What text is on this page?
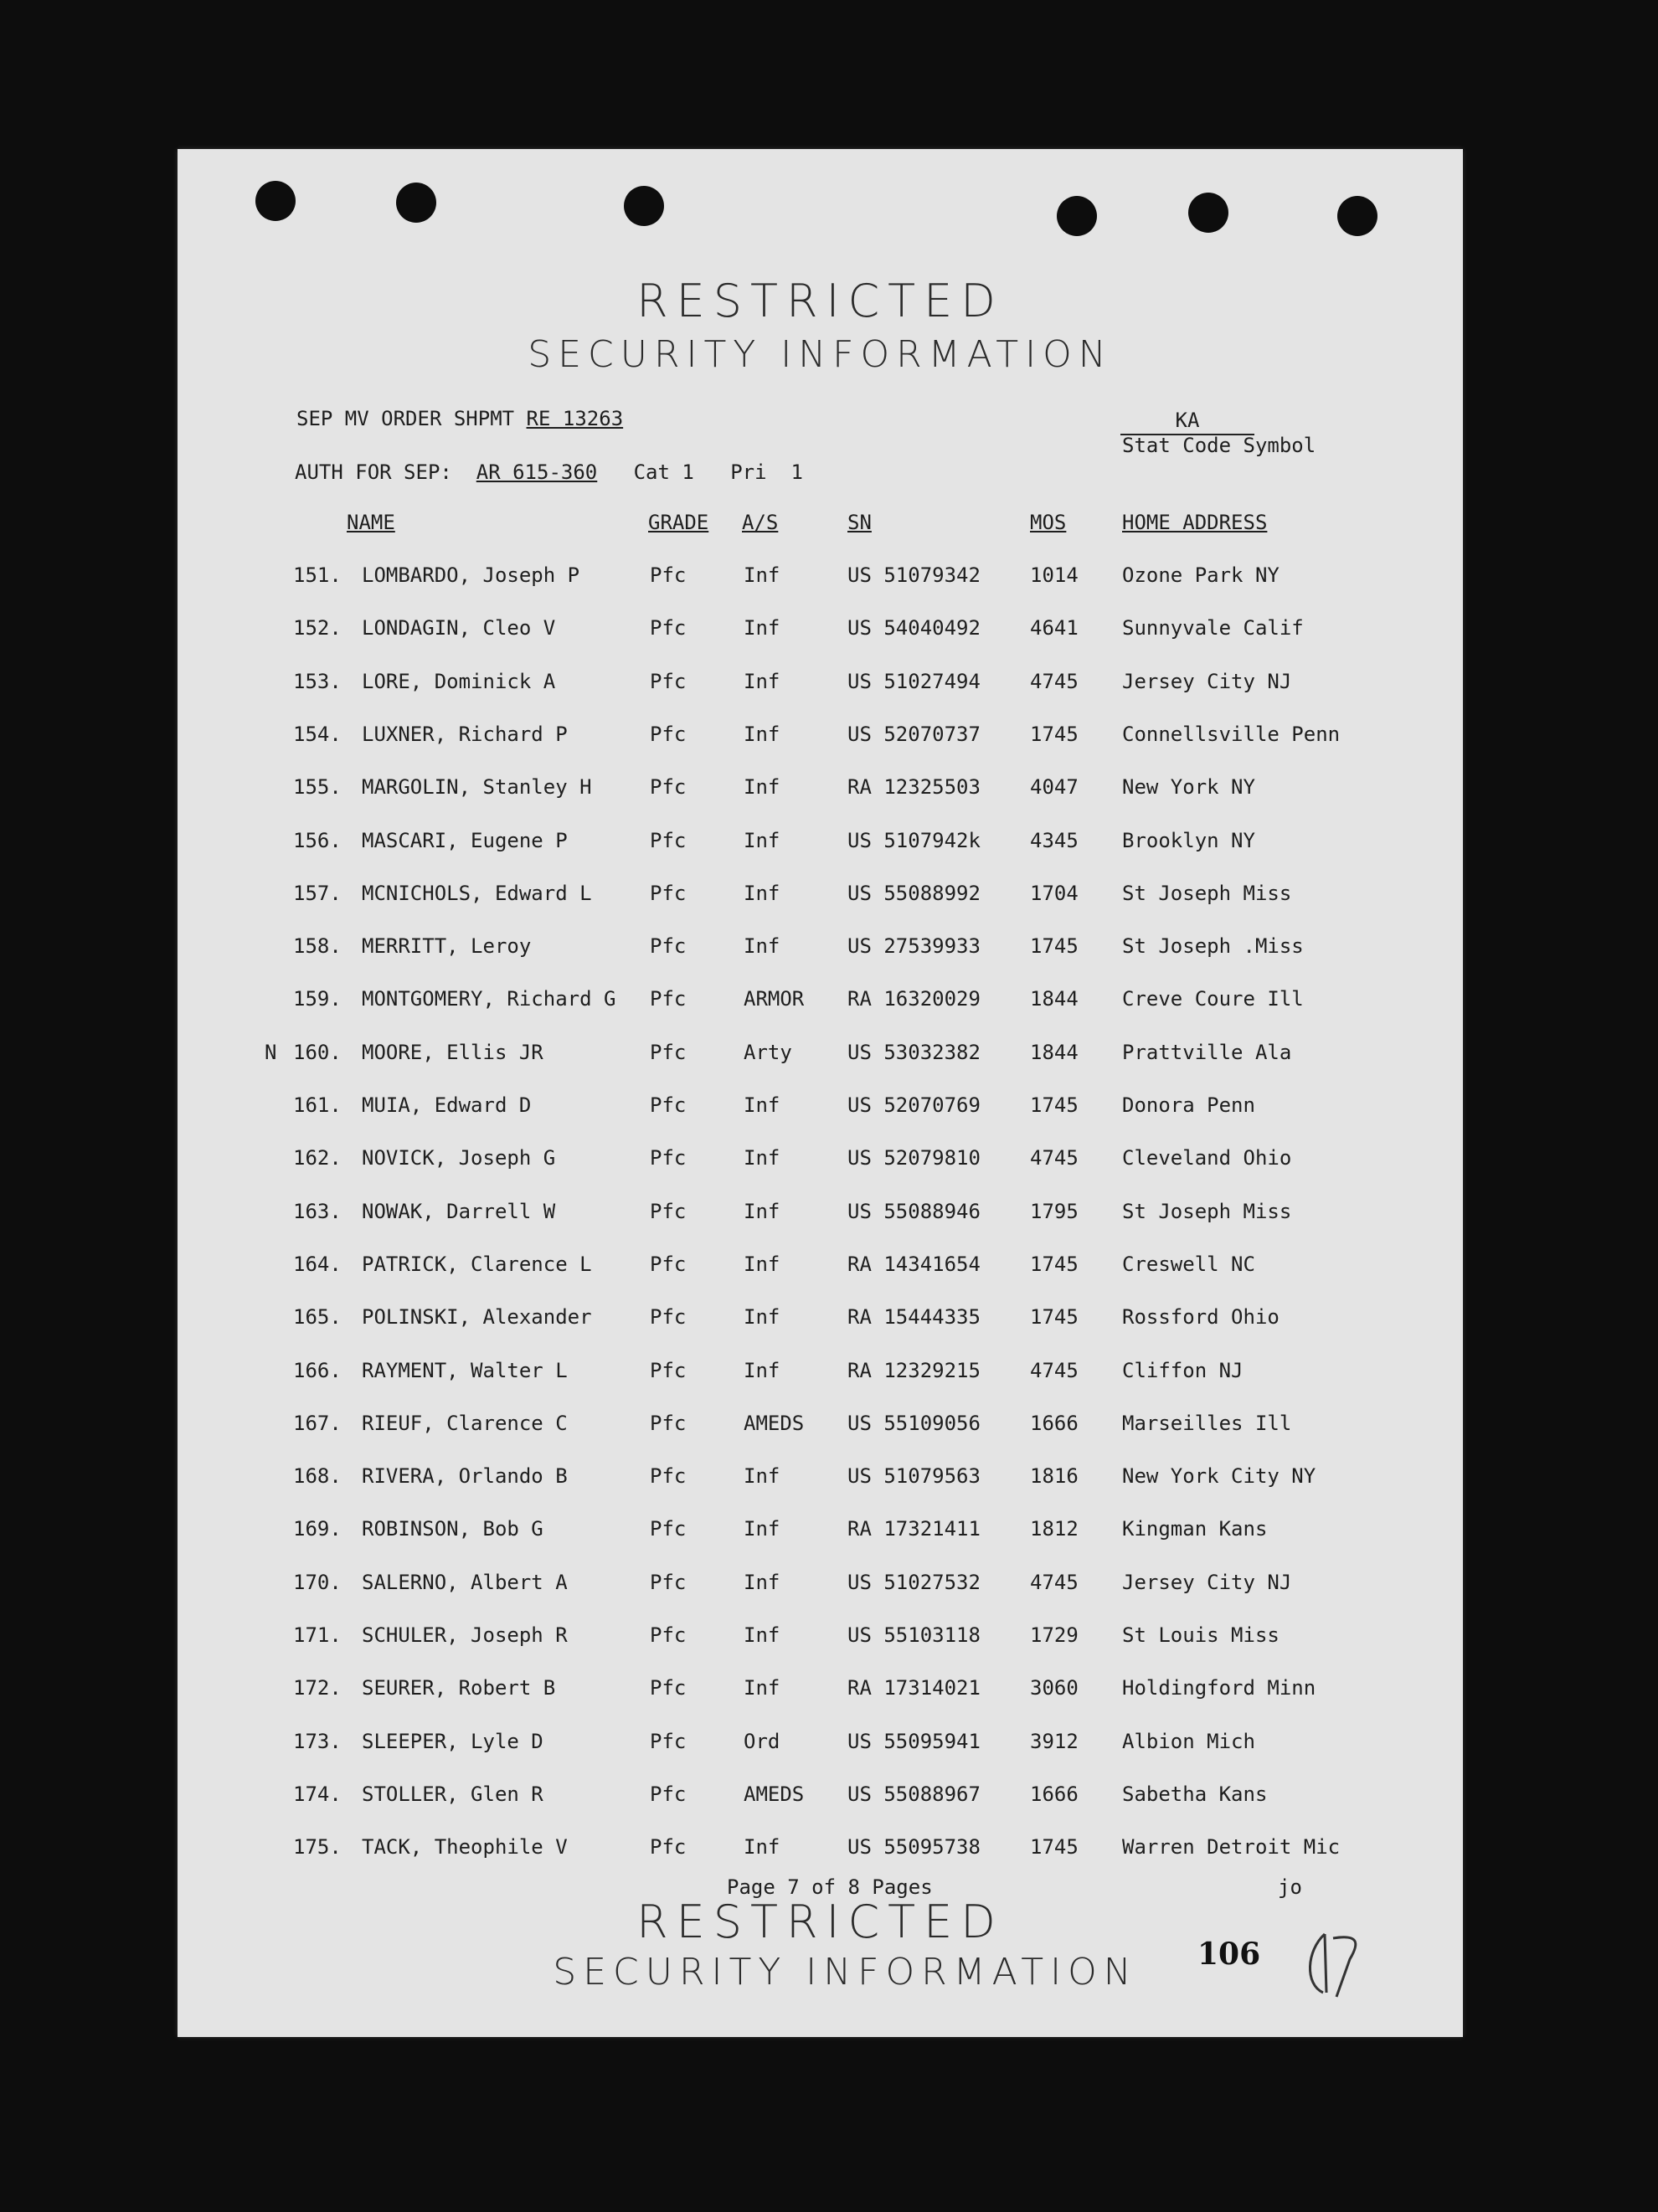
RESTRICTED
SECURITY INFORMATION
SEP MV ORDER SHPMT RE 13263
AUTH FOR SEP: AR 615-360 Cat 1   Pri  1
KA
Stat Code Symbol
NAME	GRADE A/S	SN	MOS	HOME ADDRESS
151. LOMBARDO, Joseph P	Pfc	Inf	US 51079342 1014 Ozone Park NY
152. LONDAGIN, Cleo V	Pfc	Inf	US 54040492 4641 Sunnyvale Calif
153. LORE, Dominick A	Pfc	Inf	US 51027494 4745 Jersey City NJ
154. LUXNER, Richard P	Pfc	Inf	US 52070737 1745 Connellsville Penn
155. MARGOLIN, Stanley H	Pfc	Inf	RA 12325503 4047 New York NY
156. MASCARI, Eugene P	Pfc	Inf	US 5107942k 4345 Brooklyn NY
157. MCNICHOLS, Edward L	Pfc	Inf	US 55088992 1704 St Joseph Miss
158. MERRITT, Leroy	Pfc	Inf	US 27539933 1745 St Joseph .Miss
159. MONTGOMERY, Richard G Pfc	ARMOR RA 16320029 1844 Creve Coure Ill
N 160. MOORE, Ellis JR	Pfc	Arty	US 53032382 1844 Prattville Ala
161. MUIA, Edward D	Pfc	Inf	US 52070769 1745 Donora Penn
162. NOVICK, Joseph G	Pfc	Inf	US 52079810 4745 Cleveland Ohio
163. NOWAK, Darrell W	Pfc	Inf	US 55088946 1795 St Joseph Miss
164. PATRICK, Clarence L	Pfc	Inf	RA 14341654 1745 Creswell NC
165. POLINSKI, Alexander	Pfc	Inf	RA 15444335 1745 Rossford Ohio
166. RAYMENT, Walter L	Pfc	Inf	RA 12329215 4745 Cliffon NJ
167. RIEUF, Clarence C	Pfc	AMEDS US 55109056 1666 Marseilles Ill
168. RIVERA, Orlando B	Pfc	Inf	US 51079563 1816 New York City NY
169. ROBINSON, Bob G	Pfc	Inf	RA 17321411 1812 Kingman Kans
170. SALERNO, Albert A	Pfc	Inf	US 51027532 4745 Jersey City NJ
171. SCHULER, Joseph R	Pfc	Inf	US 55103118 1729 St Louis Miss
172. SEURER, Robert B	Pfc	Inf	RA 17314021 3060 Holdingford Minn
173. SLEEPER, Lyle D	Pfc	Ord	US 55095941 3912 Albion Mich
174. STOLLER, Glen R	Pfc	AMEDS US 55088967 1666 Sabetha Kans
175. TACK, Theophile V	Pfc	Inf	US 55095738 1745 Warren Detroit Mic
Page 7 of 8 Pages	jo
RESTRICTED
SECURITY INFORMATION	106
